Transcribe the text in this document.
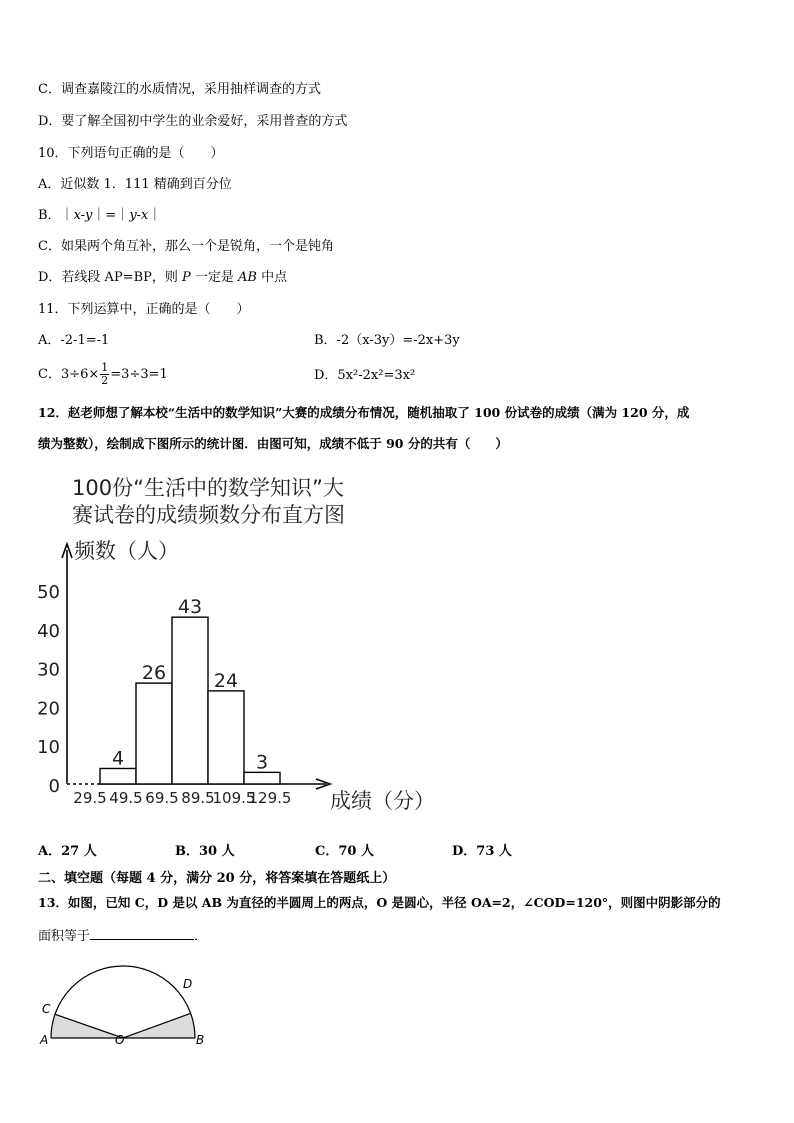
C．调查嘉陵江的水质情况，采用抽样调查的方式
D．要了解全国初中学生的业余爱好，采用普查的方式
10．下列语句正确的是（　　）
A．近似数 1．111 精确到百分位
B．｜x-y｜=｜y-x｜
C．如果两个角互补，那么一个是锐角，一个是钝角
D．若线段 AP=BP，则 P 一定是 AB 中点
11．下列运算中，正确的是（　　）
A．-2-1=-1	B．-2（x-3y）=-2x+3y
C．$3\div 6\times \frac{1}{2} =3\div 3=1$	D．5x²-2x²=3x²
12．赵老师想了解本校“生活中的数学知识”大赛的成绩分布情况，随机抽取了 100 份试卷的成绩（满为 120 分，成
绩为整数），绘制成下图所示的统计图．由图可知，成绩不低于 90 分的共有（　　）
100份“生活中的数学知识”大
赛试卷的成绩频数分布直方图
频数（人）
成绩（分）
0
10
20
30
40
50
29.5 49.5 69.5 89.5
109.5
129.5
4
26
43
24
3
A．27 人	B．30 人	C．70 人	D．73 人
二、填空题（每题 4 分，满分 20 分，将答案填在答题纸上）
13．如图，已知 C，D 是以 AB 为直径的半圆周上的两点，O 是圆心，半径 OA=2，∠COD=120°，则图中阴影部分的
面积等于	．
A	B
C
D
O
